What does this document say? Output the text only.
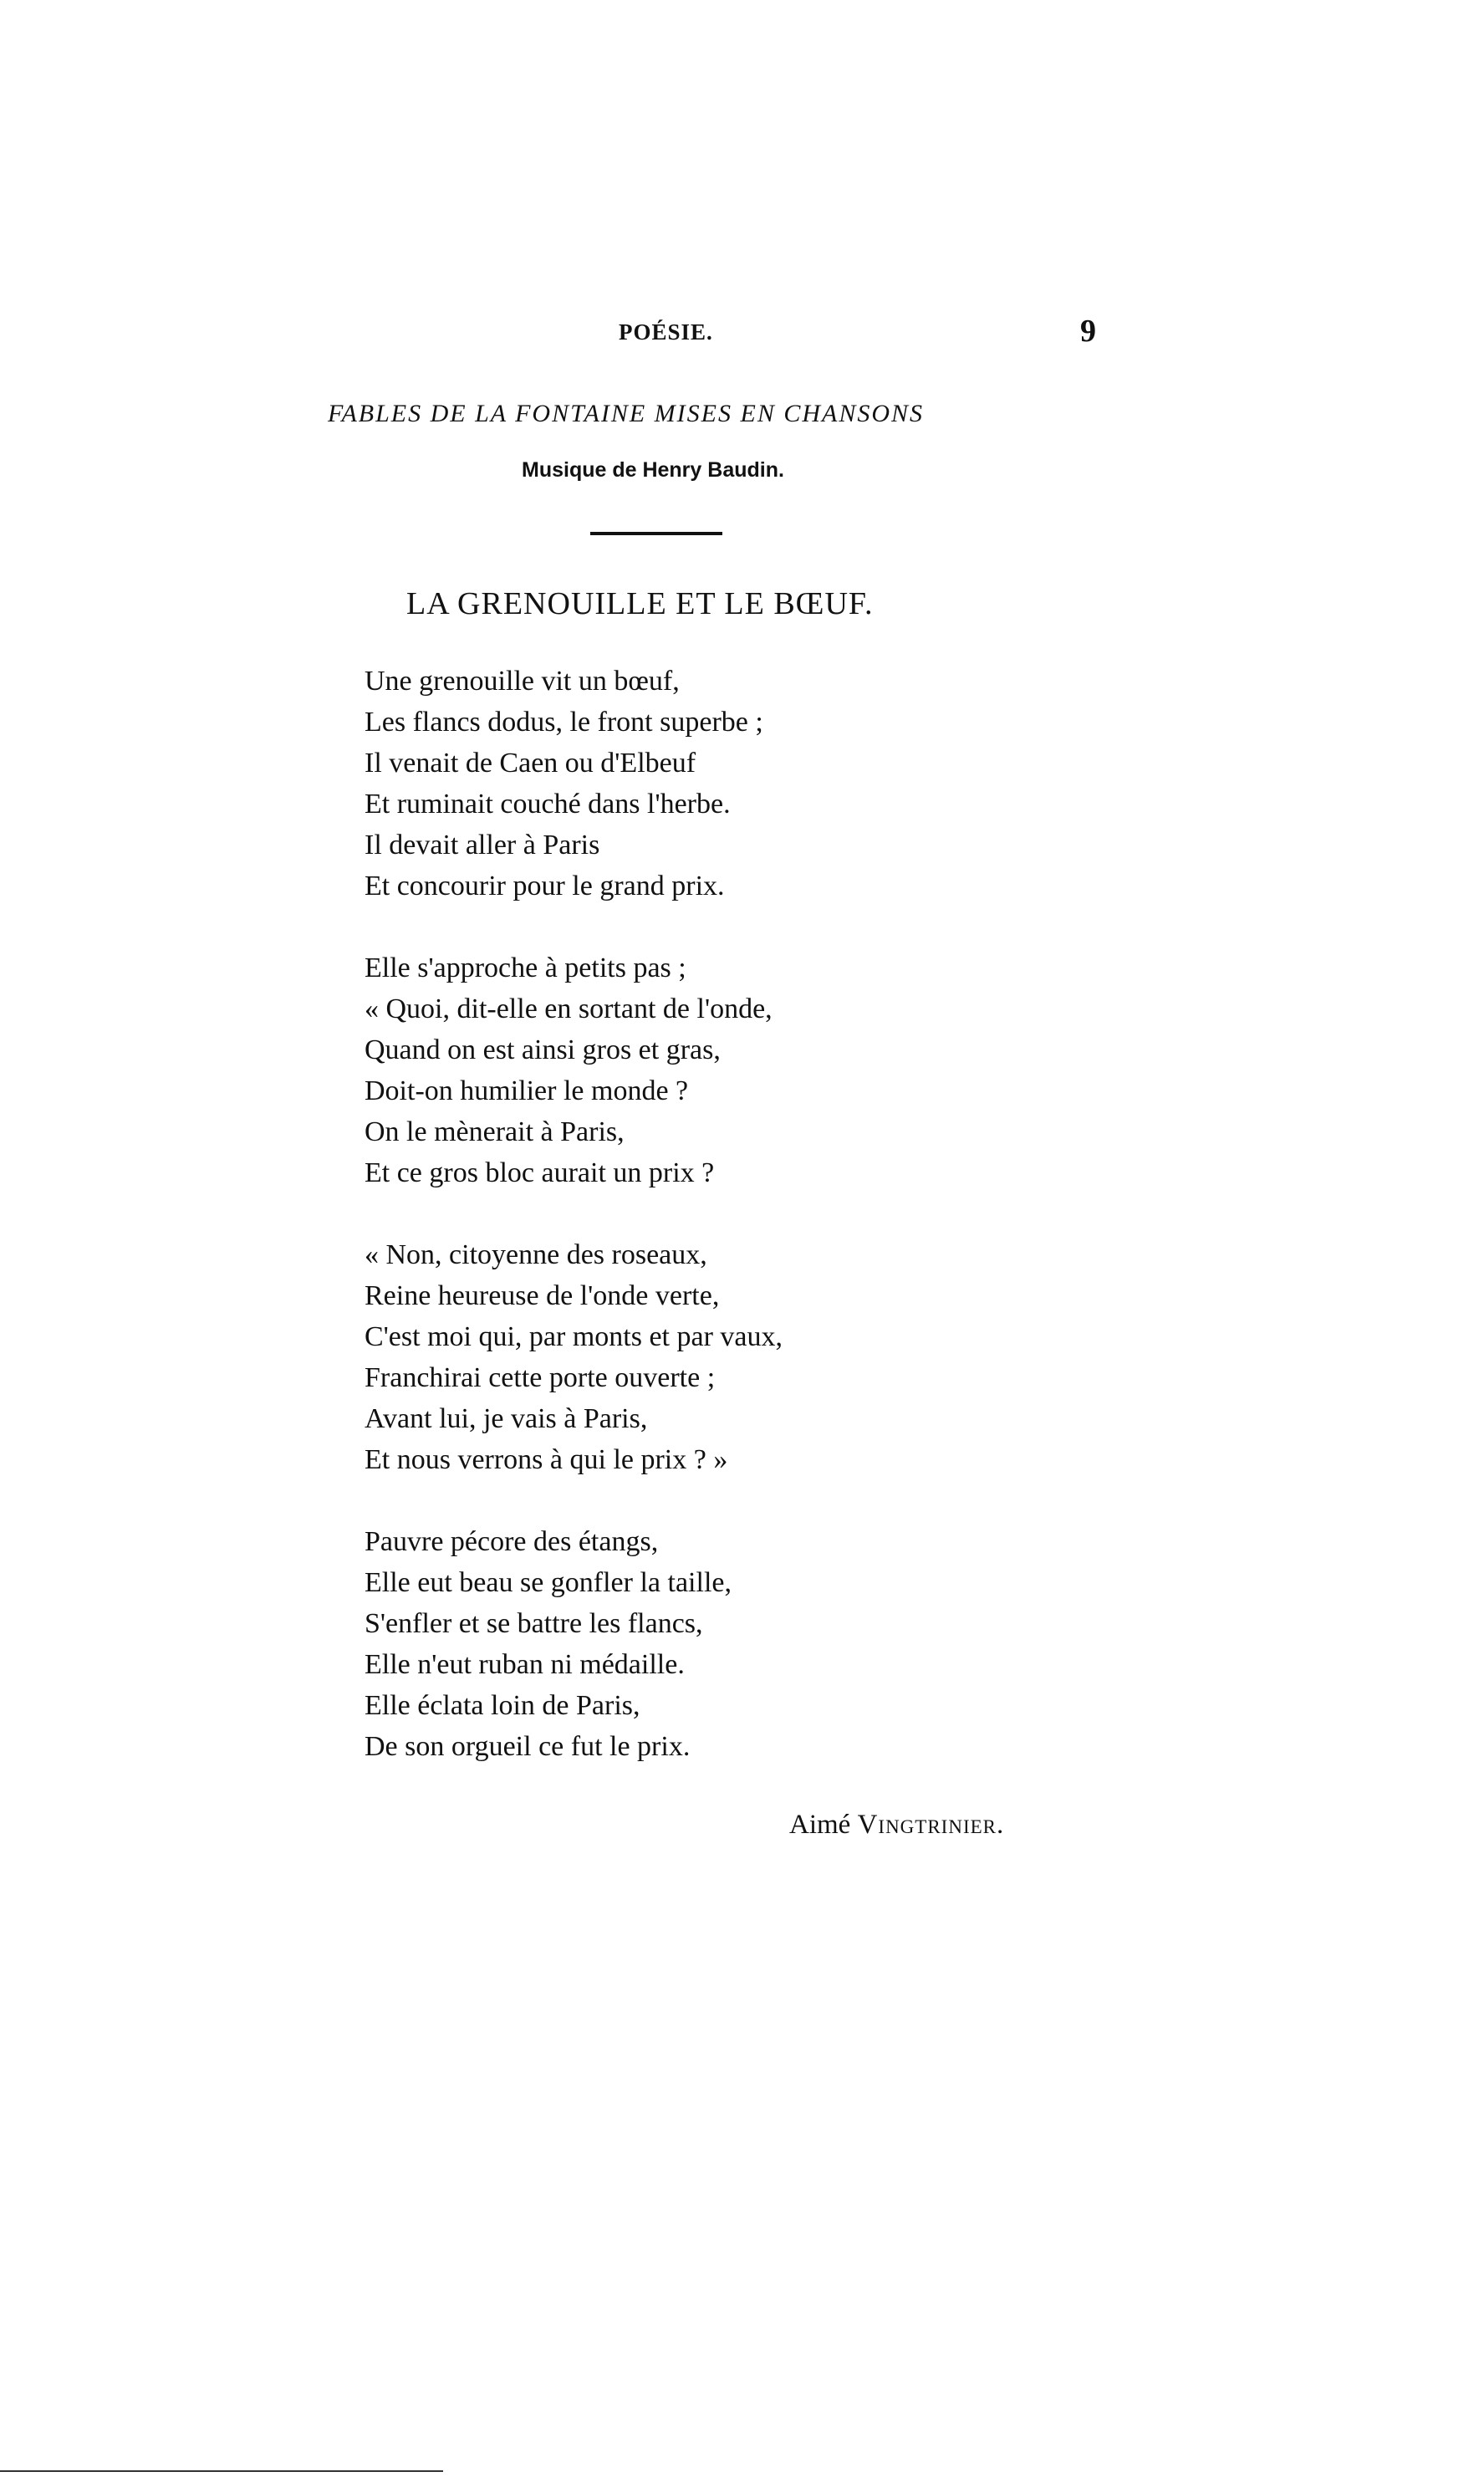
POÉSIE.	9
FABLES DE LA FONTAINE MISES EN CHANSONS
Musique de Henry Baudin.
LA GRENOUILLE ET LE BŒUF.
Une grenouille vit un bœuf,
Les flancs dodus, le front superbe ;
Il venait de Caen ou d'Elbeuf
Et ruminait couché dans l'herbe.
Il devait aller à Paris
Et concourir pour le grand prix.
Elle s'approche à petits pas ;
« Quoi, dit-elle en sortant de l'onde,
Quand on est ainsi gros et gras,
Doit-on humilier le monde ?
On le mènerait à Paris,
Et ce gros bloc aurait un prix ?
« Non, citoyenne des roseaux,
Reine heureuse de l'onde verte,
C'est moi qui, par monts et par vaux,
Franchirai cette porte ouverte ;
Avant lui, je vais à Paris,
Et nous verrons à qui le prix ? »
Pauvre pécore des étangs,
Elle eut beau se gonfler la taille,
S'enfler et se battre les flancs,
Elle n'eut ruban ni médaille.
Elle éclata loin de Paris,
De son orgueil ce fut le prix.
Aimé Vingtrinier.
